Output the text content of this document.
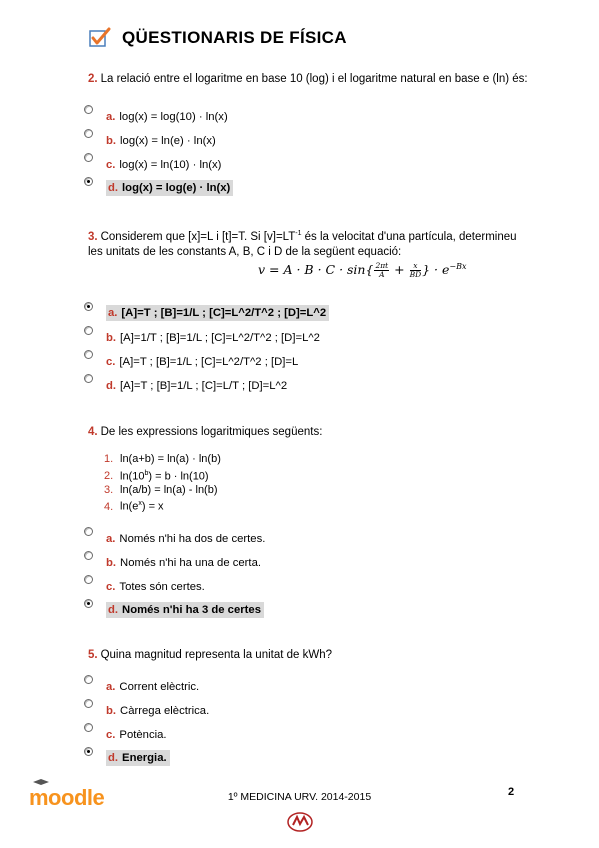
QÜESTIONARIS DE FÍSICA
2. La relació entre el logaritme en base 10 (log) i el logaritme natural en base e (ln) és:
a. log(x) = log(10) · ln(x)
b. log(x) = ln(e) · ln(x)
c. log(x) = ln(10) · ln(x)
d. log(x) = log(e) · ln(x)
3. Considerem que [x]=L i [t]=T. Si $[v]=LT^{-1}$ és la velocitat d'una partícula, determineu les unitats de les constants A, B, C i D de la següent equació:
$v = A \cdot B \cdot C \cdot \sin\{ \frac{2\pi t}{A} + \frac{x}{BD}$ } · $e^{-Bx}$
a. [A]=T ; [B]=1/L ; [C]=L^2/T^2 ; [D]=L^2
b. [A]=1/T ; [B]=1/L ; [C]=L^2/T^2 ; [D]=L^2
c. [A]=T ; [B]=1/L ; [C]=L^2/T^2 ; [D]=L
d. [A]=T ; [B]=1/L ; [C]=L/T ; [D]=L^2
4. De les expressions logaritmiques següents:
1. ln(a+b) = ln(a) · ln(b)
2. $\ln(10^b) = b \cdot \ln(10)$
3. ln(a/b) = ln(a) - ln(b)
4. $\ln(e^x) = x$
a. Només n'hi ha dos de certes.
b. Només n'hi ha una de certa.
c. Totes són certes.
d. Només n'hi ha 3 de certes
5. Quina magnitud representa la unitat de kWh?
a. Corrent elèctric.
b. Càrrega elèctrica.
c. Potència.
d. Energia.
moodle	1º MEDICINA URV. 2014-2015	2
